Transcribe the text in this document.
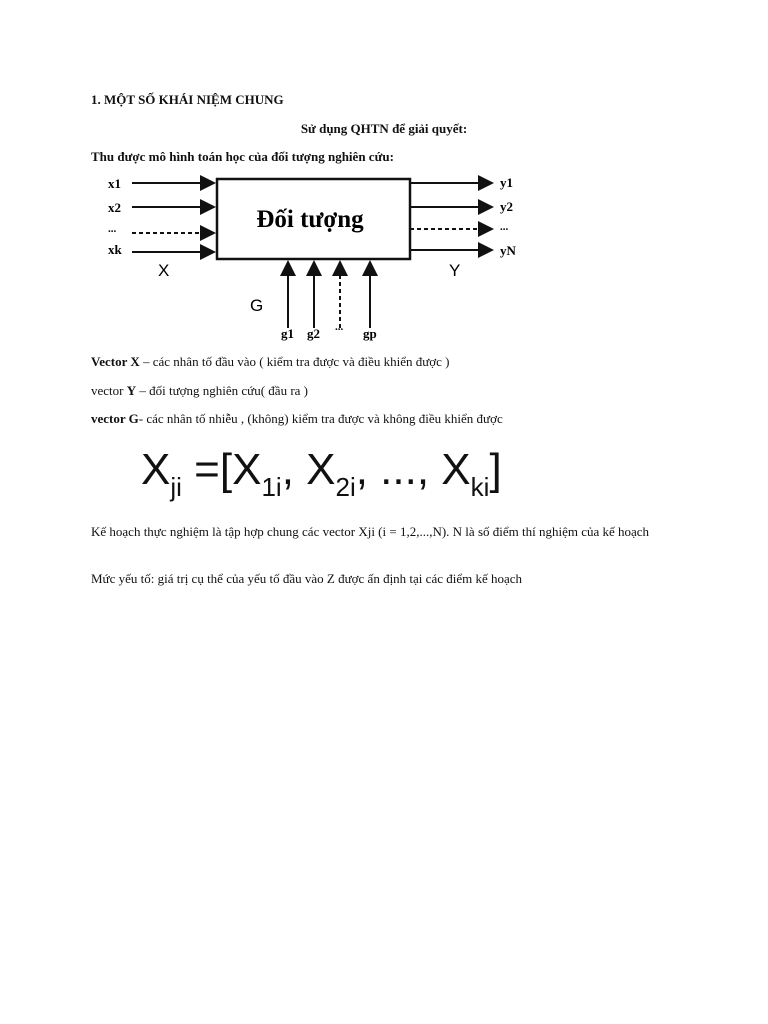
1. MỘT SỐ KHÁI NIỆM CHUNG
Sử dụng QHTN để giải quyết:
Thu được mô hình toán học của đối tượng nghiên cứu:
Đối tượng
x1
x2
...
xk
X
y1
y2
...
yN
Y
G
g1 g2 ... gp
Vector X – các nhân tố đầu vào ( kiểm tra được và điều khiển được )
vector Y – đối tượng nghiên cứu( đầu ra )
vector G- các nhân tố nhiễu , (không) kiểm tra được và không điều khiển được
$X_{ji} =[X_{1i}$, $X_{2i}$, ..., $X_{ki}$]
Kế hoạch thực nghiệm là tập hợp chung các vector Xji (i = 1,2,...,N). N là số điểm thí nghiệm của kế hoạch
Mức yếu tố: giá trị cụ thể của yếu tố đầu vào Z được ấn định tại các điểm kế hoạch
